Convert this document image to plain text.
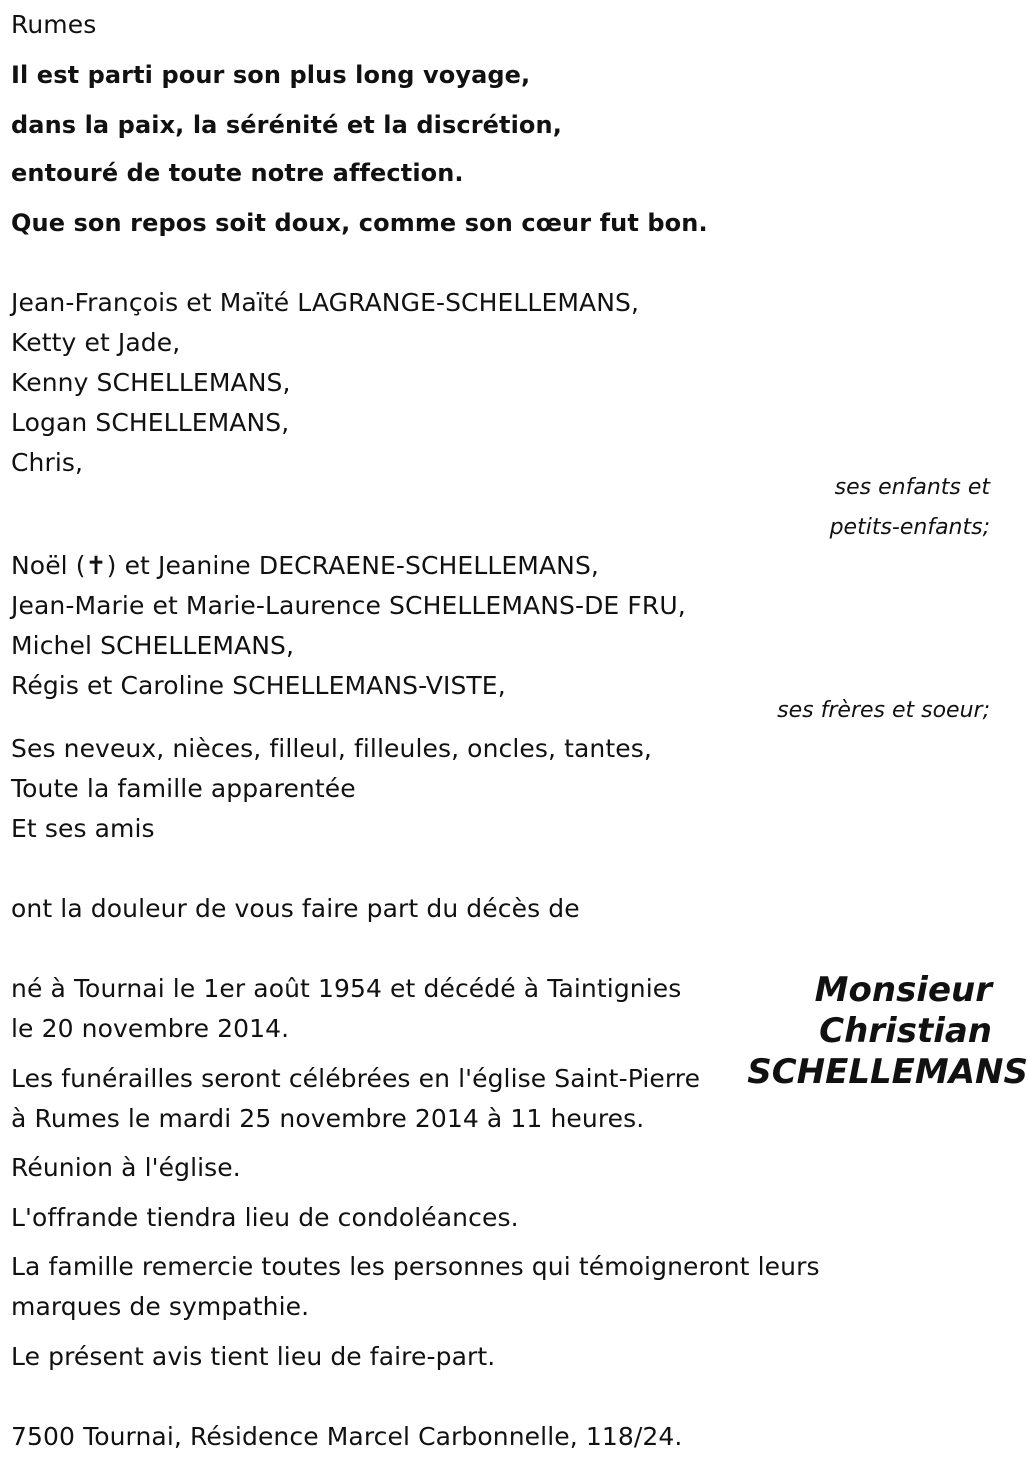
Rumes
Il est parti pour son plus long voyage,
dans la paix, la sérénité et la discrétion,
entouré de toute notre affection.
Que son repos soit doux, comme son cœur fut bon.
Jean-François et Maïté LAGRANGE-SCHELLEMANS,
Ketty et Jade,
Kenny SCHELLEMANS,
Logan SCHELLEMANS,
Chris,
ses enfants et
petits-enfants;
Noël (✝) et Jeanine DECRAENE-SCHELLEMANS,
Jean-Marie et Marie-Laurence SCHELLEMANS-DE FRU,
Michel SCHELLEMANS,
Régis et Caroline SCHELLEMANS-VISTE,
ses frères et soeur;
Ses neveux, nièces, filleul, filleules, oncles, tantes,
Toute la famille apparentée
Et ses amis
ont la douleur de vous faire part du décès de
Monsieur
Christian
SCHELLEMANS
né à Tournai le 1er août 1954 et décédé à Taintignies
le 20 novembre 2014.
Les funérailles seront célébrées en l'église Saint-Pierre
à Rumes le mardi 25 novembre 2014 à 11 heures.
Réunion à l'église.
L'offrande tiendra lieu de condoléances.
La famille remercie toutes les personnes qui témoigneront leurs
marques de sympathie.
Le présent avis tient lieu de faire-part.
7500 Tournai, Résidence Marcel Carbonnelle, 118/24.
